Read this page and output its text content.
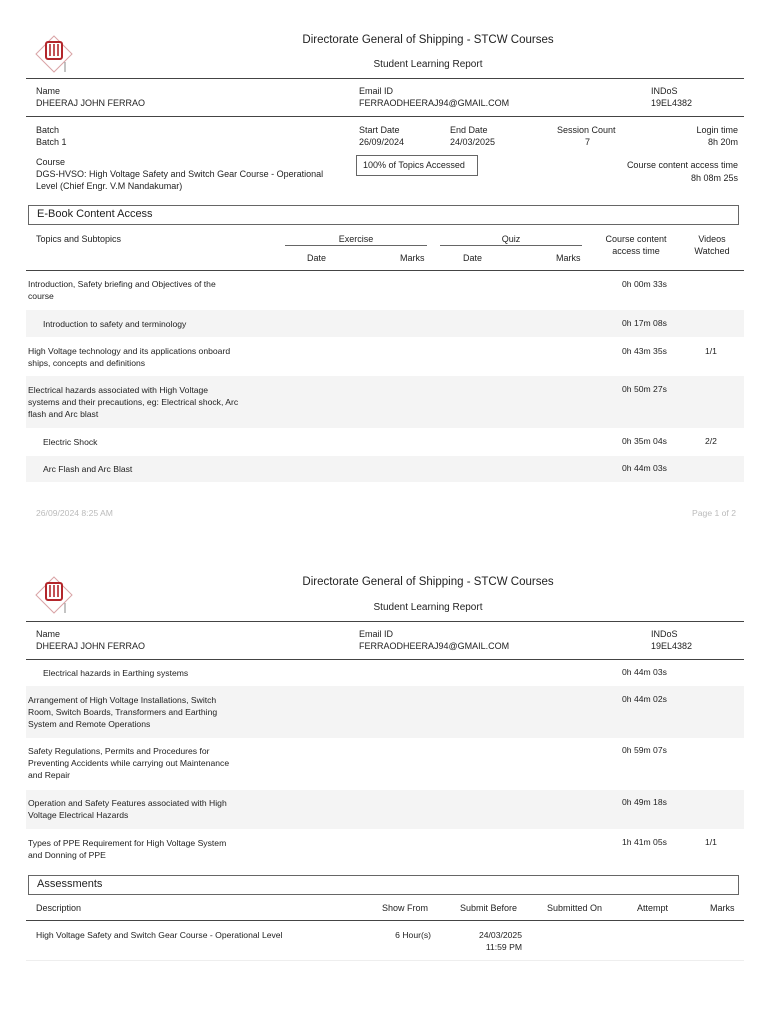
Directorate General of Shipping - STCW Courses
Student Learning Report
Name
DHEERAJ JOHN FERRAO
Email ID
FERRAODHEERAJ94@GMAIL.COM
INDoS
19EL4382
Batch
Batch 1
Start Date
26/09/2024
End Date
24/03/2025
Session Count
7
Login time
8h 20m
Course
DGS-HVSO: High Voltage Safety and Switch Gear Course - Operational
Level (Chief Engr. V.M Nandakumar)
100% of Topics Accessed	Course content access time
8h 08m 25s
E-Book Content Access
Topics and Subtopics	Exercise	Quiz
Date	Marks	Date	Marks
Course content
access time
Videos
Watched
Introduction, Safety briefing and Objectives of the
course
0h 00m 33s
Introduction to safety and terminology	0h 17m 08s
High Voltage technology and its applications onboard
ships, concepts and definitions
0h 43m 35s	1/1
Electrical hazards associated with High Voltage
systems and their precautions, eg: Electrical shock, Arc
flash and Arc blast
0h 50m 27s
Electric Shock	0h 35m 04s	2/2
Arc Flash and Arc Blast	0h 44m 03s
26/09/2024 8:25 AM	Page 1 of 2
Directorate General of Shipping - STCW Courses
Student Learning Report
Name
DHEERAJ JOHN FERRAO
Email ID
FERRAODHEERAJ94@GMAIL.COM
INDoS
19EL4382
Electrical hazards in Earthing systems	0h 44m 03s
Arrangement of High Voltage Installations, Switch
Room, Switch Boards, Transformers and Earthing
System and Remote Operations
0h 44m 02s
Safety Regulations, Permits and Procedures for
Preventing Accidents while carrying out Maintenance
and Repair
0h 59m 07s
Operation and Safety Features associated with High
Voltage Electrical Hazards
0h 49m 18s
Types of PPE Requirement for High Voltage System
and Donning of PPE
1h 41m 05s	1/1
Assessments
Description	Show From	Submit Before	Submitted On	Attempt	Marks
High Voltage Safety and Switch Gear Course - Operational Level	6 Hour(s)	24/03/2025
11:59 PM
